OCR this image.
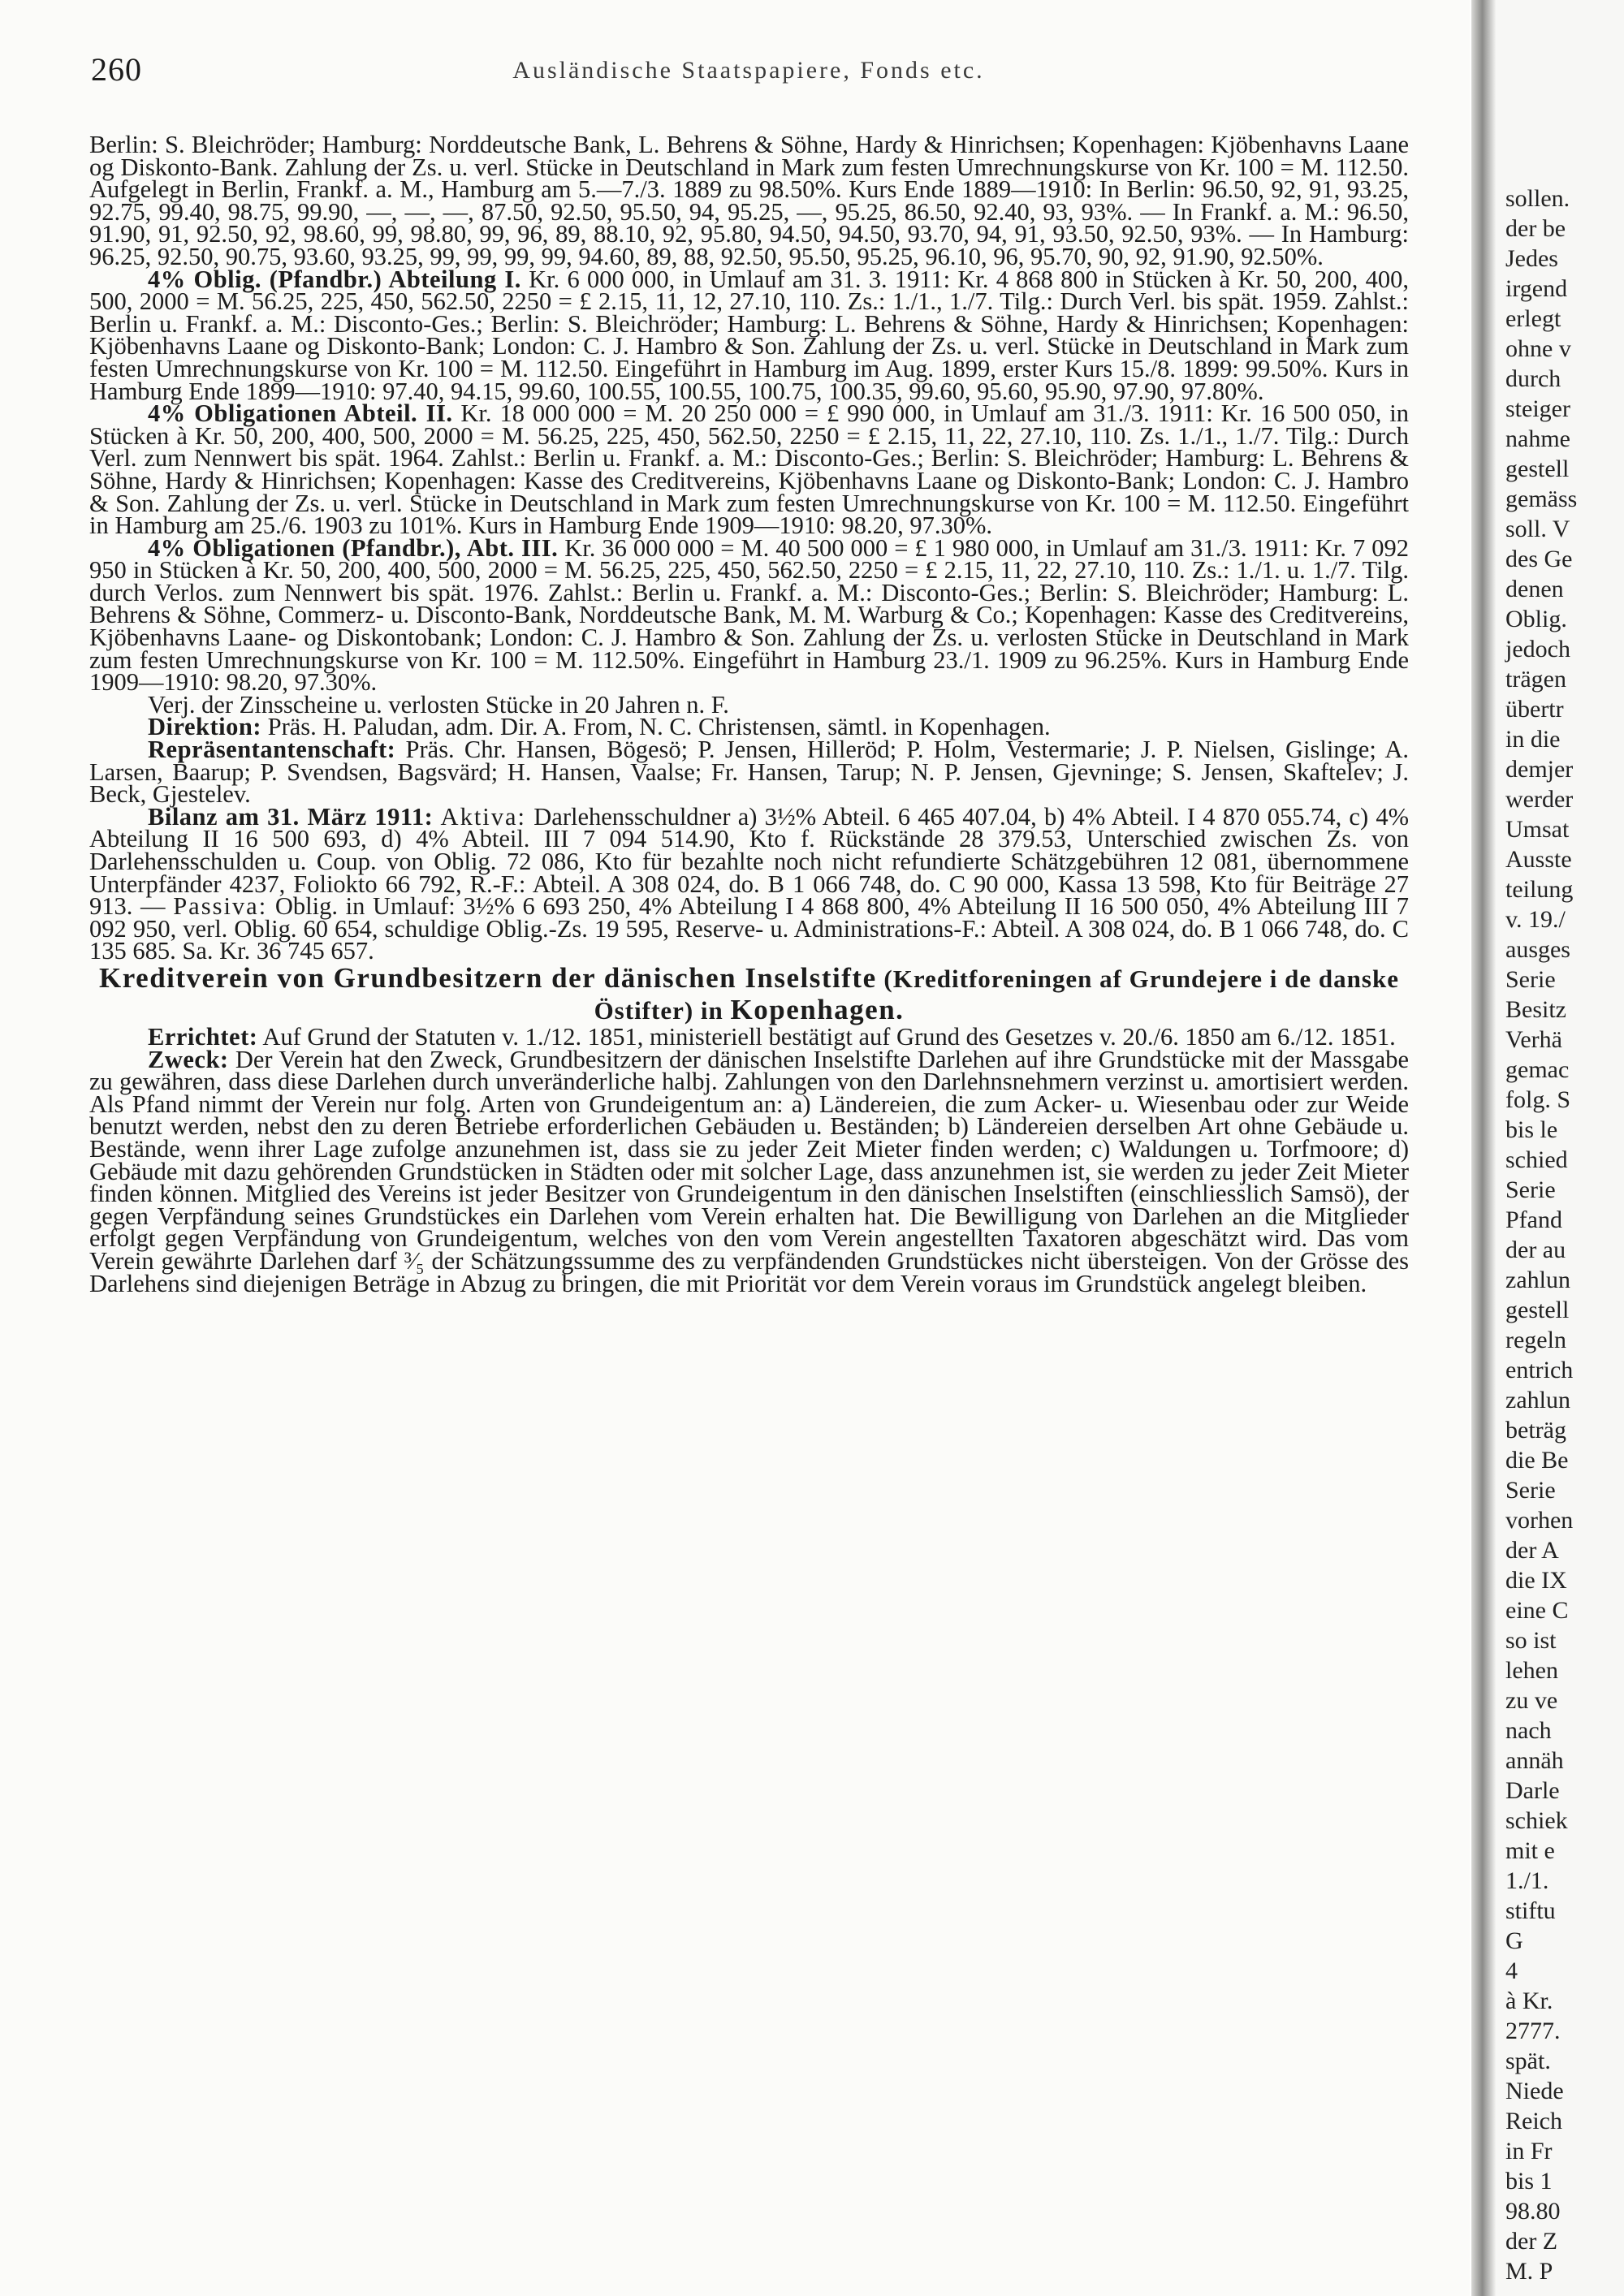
260	Ausländische Staatspapiere, Fonds etc.

Berlin: S. Bleichröder; Hamburg: Norddeutsche Bank, L. Behrens & Söhne, Hardy & Hinrichsen; Kopenhagen: Kjöbenhavns Laane og Diskonto-Bank. Zahlung der Zs. u. verl. Stücke in Deutschland in Mark zum festen Umrechnungskurse von Kr. 100 = M. 112.50. Aufgelegt in Berlin, Frankf. a. M., Hamburg am 5.—7./3. 1889 zu 98.50%. Kurs Ende 1889—1910: In Berlin: 96.50, 92, 91, 93.25, 92.75, 99.40, 98.75, 99.90, —, —, —, 87.50, 92.50, 95.50, 94, 95.25, —, 95.25, 86.50, 92.40, 93, 93%. — In Frankf. a. M.: 96.50, 91.90, 91, 92.50, 92, 98.60, 99, 98.80, 99, 96, 89, 88.10, 92, 95.80, 94.50, 94.50, 93.70, 94, 91, 93.50, 92.50, 93%. — In Hamburg: 96.25, 92.50, 90.75, 93.60, 93.25, 99, 99, 99, 99, 94.60, 89, 88, 92.50, 95.50, 95.25, 96.10, 96, 95.70, 90, 92, 91.90, 92.50%.

4% Oblig. (Pfandbr.) Abteilung I. Kr. 6 000 000, in Umlauf am 31. 3. 1911: Kr. 4 868 800 in Stücken à Kr. 50, 200, 400, 500, 2000 = M. 56.25, 225, 450, 562.50, 2250 = £ 2.15, 11, 12, 27.10, 110. Zs.: 1./1., 1./7. Tilg.: Durch Verl. bis spät. 1959. Zahlst.: Berlin u. Frankf. a. M.: Disconto-Ges.; Berlin: S. Bleichröder; Hamburg: L. Behrens & Söhne, Hardy & Hinrichsen; Kopenhagen: Kjöbenhavns Laane og Diskonto-Bank; London: C. J. Hambro & Son. Zahlung der Zs. u. verl. Stücke in Deutschland in Mark zum festen Umrechnungskurse von Kr. 100 = M. 112.50. Eingeführt in Hamburg im Aug. 1899, erster Kurs 15./8. 1899: 99.50%. Kurs in Hamburg Ende 1899—1910: 97.40, 94.15, 99.60, 100.55, 100.55, 100.75, 100.35, 99.60, 95.60, 95.90, 97.90, 97.80%.

4% Obligationen Abteil. II. Kr. 18 000 000 = M. 20 250 000 = £ 990 000, in Umlauf am 31./3. 1911: Kr. 16 500 050, in Stücken à Kr. 50, 200, 400, 500, 2000 = M. 56.25, 225, 450, 562.50, 2250 = £ 2.15, 11, 22, 27.10, 110. Zs. 1./1., 1./7. Tilg.: Durch Verl. zum Nennwert bis spät. 1964. Zahlst.: Berlin u. Frankf. a. M.: Disconto-Ges.; Berlin: S. Bleichröder; Hamburg: L. Behrens & Söhne, Hardy & Hinrichsen; Kopenhagen: Kasse des Creditvereins, Kjöbenhavns Laane og Diskonto-Bank; London: C. J. Hambro & Son. Zahlung der Zs. u. verl. Stücke in Deutschland in Mark zum festen Umrechnungskurse von Kr. 100 = M. 112.50. Eingeführt in Hamburg am 25./6. 1903 zu 101%. Kurs in Hamburg Ende 1909—1910: 98.20, 97.30%.

4% Obligationen (Pfandbr.), Abt. III. Kr. 36 000 000 = M. 40 500 000 = £ 1 980 000, in Umlauf am 31./3. 1911: Kr. 7 092 950 in Stücken à Kr. 50, 200, 400, 500, 2000 = M. 56.25, 225, 450, 562.50, 2250 = £ 2.15, 11, 22, 27.10, 110. Zs.: 1./1. u. 1./7. Tilg. durch Verlos. zum Nennwert bis spät. 1976. Zahlst.: Berlin u. Frankf. a. M.: Disconto-Ges.; Berlin: S. Bleichröder; Hamburg: L. Behrens & Söhne, Commerz- u. Disconto-Bank, Norddeutsche Bank, M. M. Warburg & Co.; Kopenhagen: Kasse des Creditvereins, Kjöbenhavns Laane- og Diskontobank; London: C. J. Hambro & Son. Zahlung der Zs. u. verlosten Stücke in Deutschland in Mark zum festen Umrechnungskurse von Kr. 100 = M. 112.50%. Eingeführt in Hamburg 23./1. 1909 zu 96.25%. Kurs in Hamburg Ende 1909—1910: 98.20, 97.30%.

Verj. der Zinsscheine u. verlosten Stücke in 20 Jahren n. F.

Direktion: Präs. H. Paludan, adm. Dir. A. From, N. C. Christensen, sämtl. in Kopenhagen.

Repräsentantenschaft: Präs. Chr. Hansen, Bögesö; P. Jensen, Hilleröd; P. Holm, Vestermarie; J. P. Nielsen, Gislinge; A. Larsen, Baarup; P. Svendsen, Bagsvärd; H. Hansen, Vaalse; Fr. Hansen, Tarup; N. P. Jensen, Gjevninge; S. Jensen, Skaftelev; J. Beck, Gjestelev.

Bilanz am 31. März 1911: Aktiva: Darlehensschuldner a) 3½% Abteil. 6 465 407.04, b) 4% Abteil. I 4 870 055.74, c) 4% Abteilung II 16 500 693, d) 4% Abteil. III 7 094 514.90, Kto f. Rückstände 28 379.53, Unterschied zwischen Zs. von Darlehensschulden u. Coup. von Oblig. 72 086, Kto für bezahlte noch nicht refundierte Schätzgebühren 12 081, übernommene Unterpfänder 4237, Foliokto 66 792, R.-F.: Abteil. A 308 024, do. B 1 066 748, do. C 90 000, Kassa 13 598, Kto für Beiträge 27 913. — Passiva: Oblig. in Umlauf: 3½% 6 693 250, 4% Abteilung I 4 868 800, 4% Abteilung II 16 500 050, 4% Abteilung III 7 092 950, verl. Oblig. 60 654, schuldige Oblig.-Zs. 19 595, Reserve- u. Administrations-F.: Abteil. A 308 024, do. B 1 066 748, do. C 135 685. Sa. Kr. 36 745 657.

Kreditverein von Grundbesitzern der dänischen Inselstifte (Kreditforeningen af Grundejere i de danske Östifter) in Kopenhagen.

Errichtet: Auf Grund der Statuten v. 1./12. 1851, ministeriell bestätigt auf Grund des Gesetzes v. 20./6. 1850 am 6./12. 1851.

Zweck: Der Verein hat den Zweck, Grundbesitzern der dänischen Inselstifte Darlehen auf ihre Grundstücke mit der Massgabe zu gewähren, dass diese Darlehen durch unveränderliche halbj. Zahlungen von den Darlehnsnehmern verzinst u. amortisiert werden. Als Pfand nimmt der Verein nur folg. Arten von Grundeigentum an: a) Ländereien, die zum Acker- u. Wiesenbau oder zur Weide benutzt werden, nebst den zu deren Betriebe erforderlichen Gebäuden u. Beständen; b) Ländereien derselben Art ohne Gebäude u. Bestände, wenn ihrer Lage zufolge anzunehmen ist, dass sie zu jeder Zeit Mieter finden werden; c) Waldungen u. Torfmoore; d) Gebäude mit dazu gehörenden Grundstücken in Städten oder mit solcher Lage, dass anzunehmen ist, sie werden zu jeder Zeit Mieter finden können. Mitglied des Vereins ist jeder Besitzer von Grundeigentum in den dänischen Inselstiften (einschliesslich Samsö), der gegen Verpfändung seines Grundstückes ein Darlehen vom Verein erhalten hat. Die Bewilligung von Darlehen an die Mitglieder erfolgt gegen Verpfändung von Grundeigentum, welches von den vom Verein angestellten Taxatoren abgeschätzt wird. Das vom Verein gewährte Darlehen darf ³⁄₅ der Schätzungssumme des zu verpfändenden Grundstückes nicht übersteigen. Von der Grösse des Darlehens sind diejenigen Beträge in Abzug zu bringen, die mit Priorität vor dem Verein voraus im Grundstück angelegt bleiben.

sollen.
der be
Jedes
irgend
erlegt
ohne v
durch
steiger
nahme
gestell
gemäss
soll. V
des Ge
denen
Oblig.
jedoch
trägen
übertr
in die
demjer
werder
Umsat
Ausste
teilung
v. 19./
ausges
Serie
Besitz
Verhä
gemac
folg. S
bis le
schied
Serie
Pfand
der au
zahlun
gestell
regeln
entrich
zahlun
beträg
die Be
Serie
vorhen
der A
die IX
eine C
so ist
lehen
zu ve
nach
annäh
Darle
schiek
mit e
1./1.
stiftu
G
4
à Kr.
2777.
spät.
Niede
Reich
in Fr
bis 1
98.80
der Z
M. P
